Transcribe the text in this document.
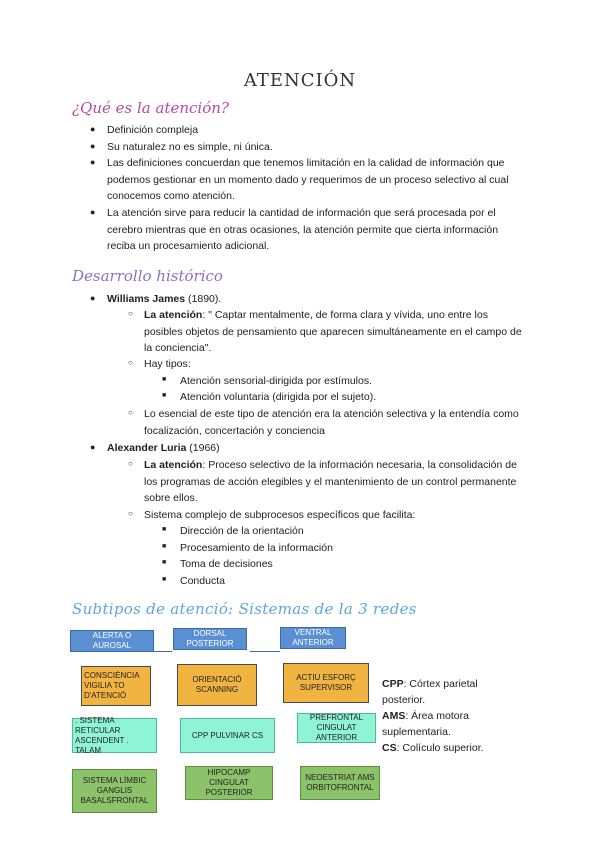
ATENCIÓN
¿Qué es la atención?
● Definición compleja
● Su naturalez no es simple, ni única.
● Las definiciones concuerdan que tenemos limitación en la calidad de información que podemos gestionar en un momento dado y requerimos de un proceso selectivo al cual conocemos como atención.
● La atención sirve para reducir la cantidad de información que será procesada por el cerebro mientras que en otras ocasiones, la atención permite que cierta información reciba un procesamiento adicional.
Desarrollo histórico
● Williams James (1890).
○ La atención: " Captar mentalmente, de forma clara y vívida, uno entre los posibles objetos de pensamiento que aparecen simultáneamente en el campo de la conciencia".
○ Hay tipos:
■ Atención sensorial-dirigida por estímulos.
■ Atención voluntaria (dirigida por el sujeto).
○ Lo esencial de este tipo de atención era la atención selectiva y la entendía como focalización, concertación y conciencia
● Alexander Luria (1966)
○ La atención: Proceso selectivo de la información necesaria, la consolidación de los programas de acción elegibles y el mantenimiento de un control permanente sobre ellos.
○ Sistema complejo de subprocesos específicos que facilita:
■ Dirección de la orientación
■ Procesamiento de la información
■ Toma de decisiones
■ Conducta
Subtipos de atenció: Sistemas de la 3 redes
ALERTA O AUROSAL
DORSAL POSTERIOR
VENTRAL ANTERIOR
CONSCIÈNCIA VIGILIA TO D'ATENCIÓ
ORIENTACIÓ SCANNING
ACTIU ESFORÇ SUPERVISOR
. SISTEMA RETICULAR ASCENDENT . TALAM
CPP PULVINAR CS
PREFRONTAL CINGULAT ANTERIOR
SISTEMA LÍMBIC GANGLIS BASALSFRONTAL
HIPOCAMP CINGULAT POSTERIOR
NEOESTRIAT AMS ORBITOFRONTAL
CPP: Córtex parietal posterior.
AMS: Área motora suplementaria.
CS: Colículo superior.
